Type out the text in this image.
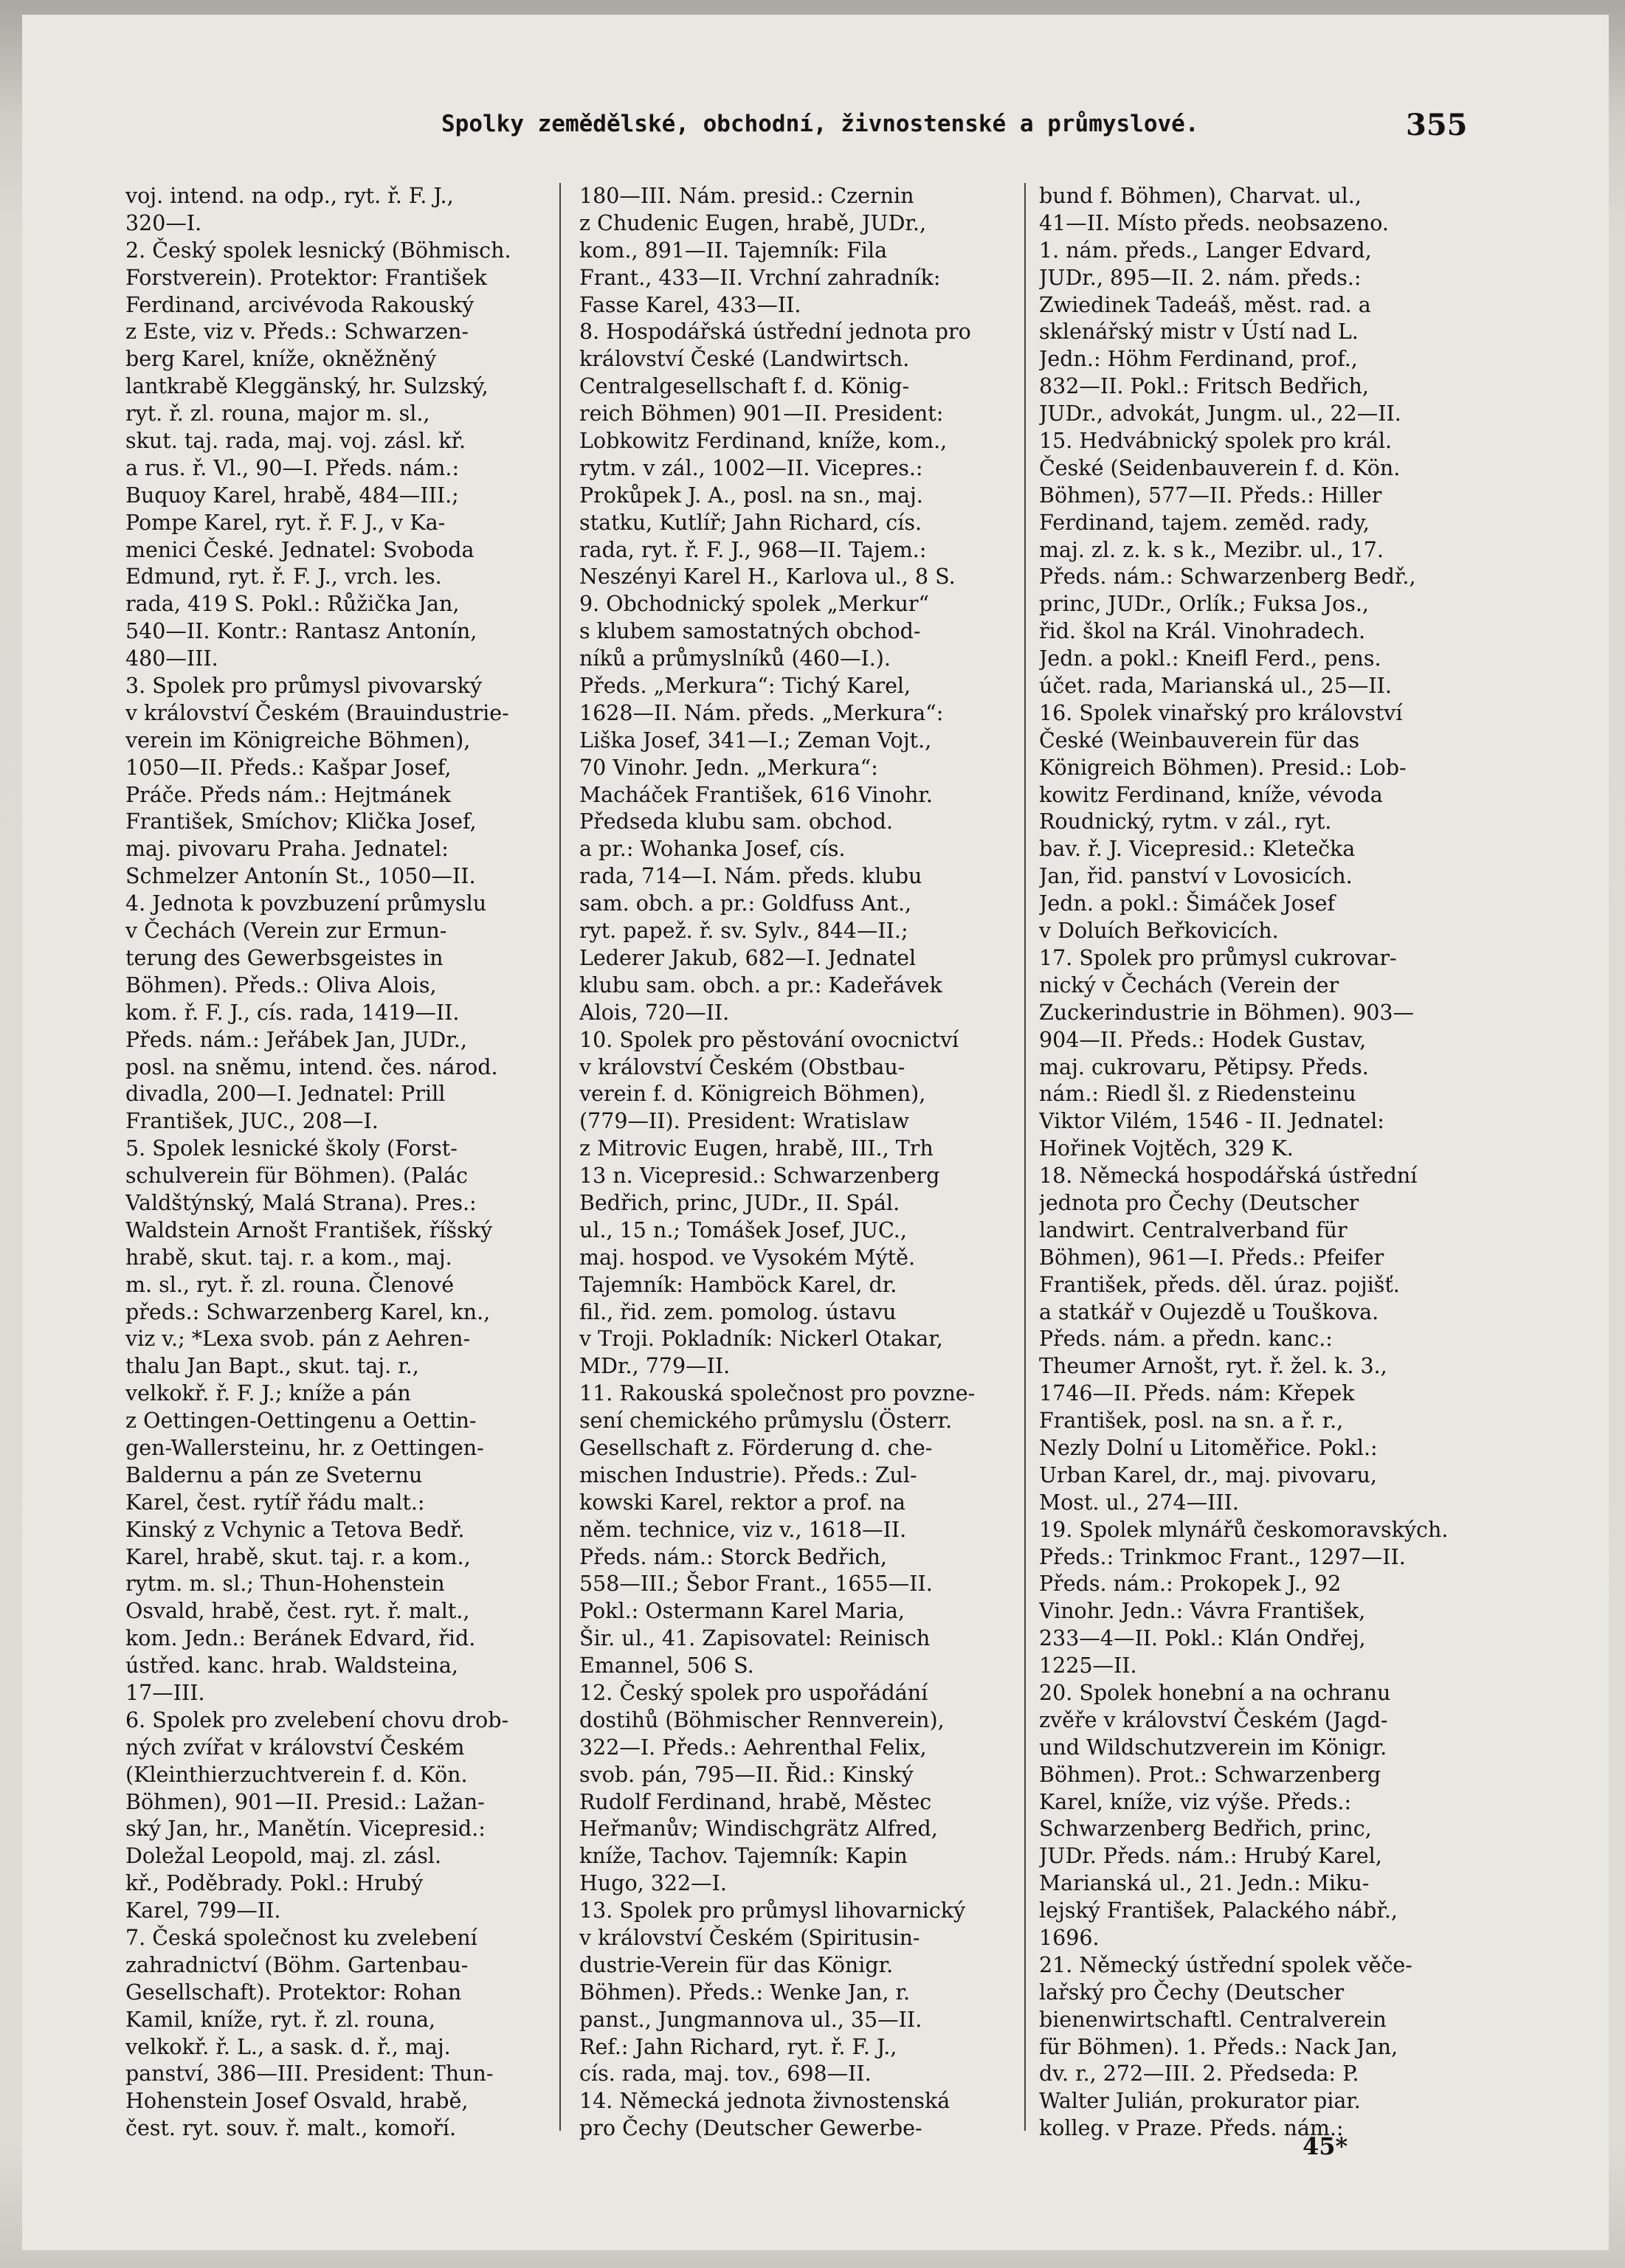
Spolky zemědělské, obchodní, živnostenské a průmyslové.	355
voj. intend. na odp., ryt. ř. F. J.,
320—I.
2. Český spolek lesnický (Böhmisch.
Forstverein). Protektor: František
Ferdinand, arcivévoda Rakouský
z Este, viz v. Předs.: Schwarzen-
berg Karel, kníže, okněžněný
lantkrabě Kleggänský, hr. Sulzský,
ryt. ř. zl. rouna, major m. sl.,
skut. taj. rada, maj. voj. zásl. kř.
a rus. ř. Vl., 90—I. Předs. nám.:
Buquoy Karel, hrabě, 484—III.;
Pompe Karel, ryt. ř. F. J., v Ka-
menici České. Jednatel: Svoboda
Edmund, ryt. ř. F. J., vrch. les.
rada, 419 S. Pokl.: Růžička Jan,
540—II. Kontr.: Rantasz Antonín,
480—III.
3. Spolek pro průmysl pivovarský
v království Českém (Brauindustrie-
verein im Königreiche Böhmen),
1050—II. Předs.: Kašpar Josef,
Práče. Předs nám.: Hejtmánek
František, Smíchov; Klička Josef,
maj. pivovaru Praha. Jednatel:
Schmelzer Antonín St., 1050—II.
4. Jednota k povzbuzení průmyslu
v Čechách (Verein zur Ermun-
terung des Gewerbsgeistes in
Böhmen). Předs.: Oliva Alois,
kom. ř. F. J., cís. rada, 1419—II.
Předs. nám.: Jeřábek Jan, JUDr.,
posl. na sněmu, intend. čes. národ.
divadla, 200—I. Jednatel: Prill
František, JUC., 208—I.
5. Spolek lesnické školy (Forst-
schulverein für Böhmen). (Palác
Valdštýnský, Malá Strana). Pres.:
Waldstein Arnošt František, říšský
hrabě, skut. taj. r. a kom., maj.
m. sl., ryt. ř. zl. rouna. Členové
předs.: Schwarzenberg Karel, kn.,
viz v.; *Lexa svob. pán z Aehren-
thalu Jan Bapt., skut. taj. r.,
velkokř. ř. F. J.; kníže a pán
z Oettingen-Oettingenu a Oettin-
gen-Wallersteinu, hr. z Oettingen-
Baldernu a pán ze Sveternu
Karel, čest. rytíř řádu malt.:
Kinský z Vchynic a Tetova Bedř.
Karel, hrabě, skut. taj. r. a kom.,
rytm. m. sl.; Thun-Hohenstein
Osvald, hrabě, čest. ryt. ř. malt.,
kom. Jedn.: Beránek Edvard, řid.
ústřed. kanc. hrab. Waldsteina,
17—III.
6. Spolek pro zvelebení chovu drob-
ných zvířat v království Českém
(Kleinthierzuchtverein f. d. Kön.
Böhmen), 901—II. Presid.: Lažan-
ský Jan, hr., Manětín. Vicepresid.:
Doležal Leopold, maj. zl. zásl.
kř., Poděbrady. Pokl.: Hrubý
Karel, 799—II.
7. Česká společnost ku zvelebení
zahradnictví (Böhm. Gartenbau-
Gesellschaft). Protektor: Rohan
Kamil, kníže, ryt. ř. zl. rouna,
velkokř. ř. L., a sask. d. ř., maj.
panství, 386—III. President: Thun-
Hohenstein Josef Osvald, hrabě,
čest. ryt. souv. ř. malt., komoří.
180—III. Nám. presid.: Czernin
z Chudenic Eugen, hrabě, JUDr.,
kom., 891—II. Tajemník: Fila
Frant., 433—II. Vrchní zahradník:
Fasse Karel, 433—II.
8. Hospodářská ústřední jednota pro
království České (Landwirtsch.
Centralgesellschaft f. d. König-
reich Böhmen) 901—II. President:
Lobkowitz Ferdinand, kníže, kom.,
rytm. v zál., 1002—II. Vicepres.:
Prokůpek J. A., posl. na sn., maj.
statku, Kutlíř; Jahn Richard, cís.
rada, ryt. ř. F. J., 968—II. Tajem.:
Neszényi Karel H., Karlova ul., 8 S.
9. Obchodnický spolek „Merkur“
s klubem samostatných obchod-
níků a průmyslníků (460—I.).
Předs. „Merkura“: Tichý Karel,
1628—II. Nám. předs. „Merkura“:
Liška Josef, 341—I.; Zeman Vojt.,
70 Vinohr. Jedn. „Merkura“:
Macháček František, 616 Vinohr.
Předseda klubu sam. obchod.
a pr.: Wohanka Josef, cís.
rada, 714—I. Nám. předs. klubu
sam. obch. a pr.: Goldfuss Ant.,
ryt. papež. ř. sv. Sylv., 844—II.;
Lederer Jakub, 682—I. Jednatel
klubu sam. obch. a pr.: Kadeřávek
Alois, 720—II.
10. Spolek pro pěstování ovocnictví
v království Českém (Obstbau-
verein f. d. Königreich Böhmen),
(779—II). President: Wratislaw
z Mitrovic Eugen, hrabě, III., Trh
13 n. Vicepresid.: Schwarzenberg
Bedřich, princ, JUDr., II. Spál.
ul., 15 n.; Tomášek Josef, JUC.,
maj. hospod. ve Vysokém Mýtě.
Tajemník: Hamböck Karel, dr.
fil., řid. zem. pomolog. ústavu
v Troji. Pokladník: Nickerl Otakar,
MDr., 779—II.
11. Rakouská společnost pro povzne-
sení chemického průmyslu (Österr.
Gesellschaft z. Förderung d. che-
mischen Industrie). Předs.: Zul-
kowski Karel, rektor a prof. na
něm. technice, viz v., 1618—II.
Předs. nám.: Storck Bedřich,
558—III.; Šebor Frant., 1655—II.
Pokl.: Ostermann Karel Maria,
Šir. ul., 41. Zapisovatel: Reinisch
Emannel, 506 S.
12. Český spolek pro uspořádání
dostihů (Böhmischer Rennverein),
322—I. Předs.: Aehrenthal Felix,
svob. pán, 795—II. Řid.: Kinský
Rudolf Ferdinand, hrabě, Městec
Heřmanův; Windischgrätz Alfred,
kníže, Tachov. Tajemník: Kapin
Hugo, 322—I.
13. Spolek pro průmysl lihovarnický
v království Českém (Spiritusin-
dustrie-Verein für das Königr.
Böhmen). Předs.: Wenke Jan, r.
panst., Jungmannova ul., 35—II.
Ref.: Jahn Richard, ryt. ř. F. J.,
cís. rada, maj. tov., 698—II.
14. Německá jednota živnostenská
pro Čechy (Deutscher Gewerbe-
bund f. Böhmen), Charvat. ul.,
41—II. Místo předs. neobsazeno.
1. nám. předs., Langer Edvard,
JUDr., 895—II. 2. nám. předs.:
Zwiedinek Tadeáš, měst. rad. a
sklenářský mistr v Ústí nad L.
Jedn.: Höhm Ferdinand, prof.,
832—II. Pokl.: Fritsch Bedřich,
JUDr., advokát, Jungm. ul., 22—II.
15. Hedvábnický spolek pro král.
České (Seidenbauverein f. d. Kön.
Böhmen), 577—II. Předs.: Hiller
Ferdinand, tajem. zeměd. rady,
maj. zl. z. k. s k., Mezibr. ul., 17.
Předs. nám.: Schwarzenberg Bedř.,
princ, JUDr., Orlík.; Fuksa Jos.,
řid. škol na Král. Vinohradech.
Jedn. a pokl.: Kneifl Ferd., pens.
účet. rada, Marianská ul., 25—II.
16. Spolek vinařský pro království
České (Weinbauverein für das
Königreich Böhmen). Presid.: Lob-
kowitz Ferdinand, kníže, vévoda
Roudnický, rytm. v zál., ryt.
bav. ř. J. Vicepresid.: Kletečka
Jan, řid. panství v Lovosicích.
Jedn. a pokl.: Šimáček Josef
v Doluích Beřkovicích.
17. Spolek pro průmysl cukrovar-
nický v Čechách (Verein der
Zuckerindustrie in Böhmen). 903—
904—II. Předs.: Hodek Gustav,
maj. cukrovaru, Pětipsy. Předs.
nám.: Riedl šl. z Riedensteinu
Viktor Vilém, 1546 - II. Jednatel:
Hořinek Vojtěch, 329 K.
18. Německá hospodářská ústřední
jednota pro Čechy (Deutscher
landwirt. Centralverband für
Böhmen), 961—I. Předs.: Pfeifer
František, předs. děl. úraz. pojišť.
a statkář v Oujezdě u Touškova.
Předs. nám. a předn. kanc.:
Theumer Arnošt, ryt. ř. žel. k. 3.,
1746—II. Předs. nám: Křepek
František, posl. na sn. a ř. r.,
Nezly Dolní u Litoměřice. Pokl.:
Urban Karel, dr., maj. pivovaru,
Most. ul., 274—III.
19. Spolek mlynářů českomoravských.
Předs.: Trinkmoc Frant., 1297—II.
Předs. nám.: Prokopek J., 92
Vinohr. Jedn.: Vávra František,
233—4—II. Pokl.: Klán Ondřej,
1225—II.
20. Spolek honební a na ochranu
zvěře v království Českém (Jagd-
und Wildschutzverein im Königr.
Böhmen). Prot.: Schwarzenberg
Karel, kníže, viz výše. Předs.:
Schwarzenberg Bedřich, princ,
JUDr. Předs. nám.: Hrubý Karel,
Marianská ul., 21. Jedn.: Miku-
lejský František, Palackého nábř.,
1696.
21. Německý ústřední spolek věče-
lařský pro Čechy (Deutscher
bienenwirtschaftl. Centralverein
für Böhmen). 1. Předs.: Nack Jan,
dv. r., 272—III. 2. Předseda: P.
Walter Julián, prokurator piar.
kolleg. v Praze. Předs. nám.:
45*
